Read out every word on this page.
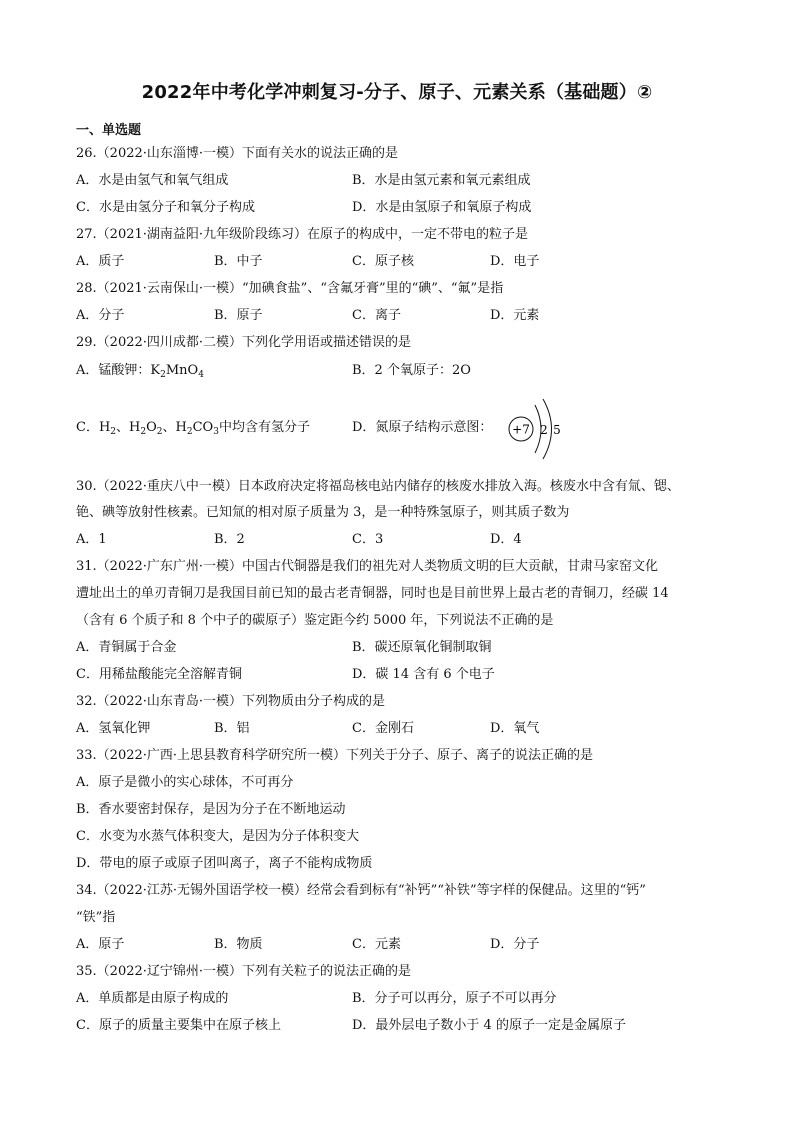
2022年中考化学冲刺复习-分子、原子、元素关系（基础题）②
一、单选题
26.（2022·山东淄博·一模）下面有关水的说法正确的是
A．水是由氢气和氧气组成	B．水是由氢元素和氧元素组成
C．水是由氢分子和氧分子构成	D．水是由氢原子和氧原子构成
27.（2021·湖南益阳·九年级阶段练习）在原子的构成中，一定不带电的粒子是
A．质子	B．中子	C．原子核	D．电子
28.（2021·云南保山·一模）“加碘食盐”、“含氟牙膏”里的“碘”、“氟”是指
A．分子	B．原子	C．离子	D．元素
29.（2022·四川成都·二模）下列化学用语或描述错误的是
A．锰酸钾：$K_2MnO_4$	B．2 个氧原子：2O
C．$H_2$、$H_2O_2$、$H_2CO_3$中均含有氢分子	D．氮原子结构示意图： +7 2 5
30.（2022·重庆八中一模）日本政府决定将福岛核电站内储存的核废水排放入海。核废水中含有氚、锶、
铯、碘等放射性核素。已知氚的相对原子质量为 3，是一种特殊氢原子，则其质子数为
A．1	B．2	C．3	D．4
31.（2022·广东广州·一模）中国古代铜器是我们的祖先对人类物质文明的巨大贡献，甘肃马家窑文化
遭址出土的单刃青铜刀是我国目前已知的最古老青铜器，同时也是目前世界上最古老的青铜刀，经碳 14
（含有 6 个质子和 8 个中子的碳原子）鉴定距今约 5000 年，下列说法不正确的是
A．青铜属于合金	B．碳还原氧化铜制取铜
C．用稀盐酸能完全溶解青铜	D．碳 14 含有 6 个电子
32.（2022·山东青岛·一模）下列物质由分子构成的是
A．氢氧化钾	B．铝	C．金刚石	D．氧气
33.（2022·广西·上思县教育科学研究所一模）下列关于分子、原子、离子的说法正确的是
A．原子是微小的实心球体，不可再分
B．香水要密封保存，是因为分子在不断地运动
C．水变为水蒸气体积变大，是因为分子体积变大
D．带电的原子或原子团叫离子，离子不能构成物质
34.（2022·江苏·无锡外国语学校一模）经常会看到标有“补钙”“补铁”等字样的保健品。这里的“钙”
“铁”指
A．原子	B．物质	C．元素	D．分子
35.（2022·辽宁锦州·一模）下列有关粒子的说法正确的是
A．单质都是由原子构成的	B．分子可以再分，原子不可以再分
C．原子的质量主要集中在原子核上	D．最外层电子数小于 4 的原子一定是金属原子
